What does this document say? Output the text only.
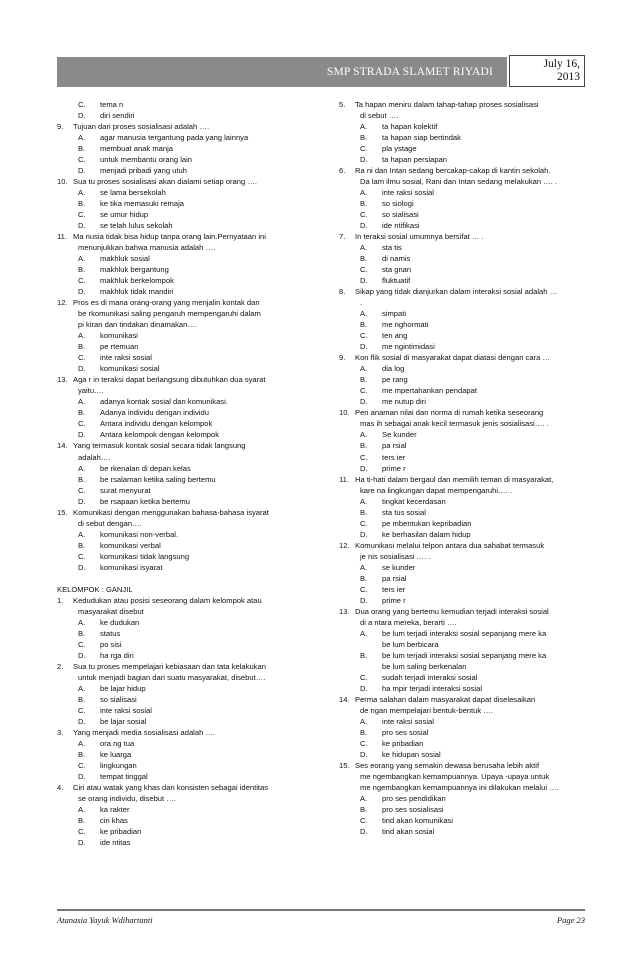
SMP STRADA SLAMET RIYADI
July 16,
2013
C. tema n
D. diri sendiri
9. Tujuan dari proses sosialisasi adalah ….
A. agar manusia tergantung pada yang lainnya
B. membuat anak manja
C. untuk membantu orang lain
D. menjadi pribadi yang utuh
10. Sua tu proses sosialisasi akan dialami setiap orang ….
A. se lama bersekolah
B. ke tika memasuki remaja
C. se umur hidup
D. se telah lulus sekolah
11. Ma nusia tidak bisa hidup tanpa orang lain.Pernyataan ini
menunjukkan bahwa manusia adalah ….
A. makhluk sosial
B. makhluk bergantung
C. makhluk berkelompok
D. makhluk tidak mandiri
12. Pros es di mana orang-orang yang menjalin kontak dan
be rkomunikasi saling pengaruh mempengaruhi dalam
pi kiran dan tindakan dinamakan….
A. komunikasi
B. pe rtemuan
C. inte raksi sosial
D. komunikasi sosial
13. Aga r in teraksi dapat berlangsung dibutuhkan dua syarat
yaitu….
A. adanya kontak sosial dan komunikasi.
B. Adanya individu dengan individu
C. Antara individu dengan kelompok
D. Antara kelompok dengan kelompok
14. Yang termasuk kontak sosial secara tidak langsung
adalah….
A. be rkenalan di depan kelas
B. be rsalaman ketika saling bertemu
C. surat menyurat
D. be rsapaan ketika bertemu
15. Komunikasi dengan menggunakan bahasa-bahasa isyarat
di sebut dengan….
A. komunikasi non-verbal.
B. komunikasi verbal
C. komunikasi tidak langsung
D. komunikasi isyarat
KELOMPOK : GANJIL
1. Kedudukan atau posisi seseorang dalam kelompok atau
masyarakat disebut
A. ke dudukan
B. status
C. po sisi
D. ha rga diri
2. Sua tu proses mempelajari kebiasaan dan tata kelakukan
untuk menjadi bagian dari suatu masyarakat, disebut….
A. be lajar hidup
B. so sialisasi
C. inte raksi sosial
D. be lajar sosial
3. Yang menjadi media sosialisasi adalah ….
A. ora ng tua
B. ke luarga
C. lingkungan
D. tempat tinggal
4. Ciri atau watak yang khas dan konsisten sebagai identitas
se orang individu, disebut ….
A. ka rakter
B. ciri khas
C. ke pribadian
D. ide ntitas
5. Ta hapan meniru dalam tahap-tahap proses sosialisasi
di sebut ….
A. ta hapan kolektif
B. ta hapan siap bertindak
C. pla ystage
D. ta hapan persiapan
6. Ra ni dan Intan sedang bercakap-cakap di kantin sekolah.
Da lam ilmu sosial, Rani dan Intan sedang melakukan …. .
A. inte raksi sosial
B. so siologi
C. so sialisasi
D. ide ntifikasi
7. In teraksi sosial umumnya bersifat … .
A. sta tis
B. di namis
C. sta gnan
D. fluktuatif
8. Sikap yang tidak dianjurkan dalam interaksi sosial adalah …
.
A. simpati
B. me nghormati
C. ten ang
D. me ngintimidasi
9. Kon flik sosial di masyarakat dapat diatasi dengan cara …
A. dia log
B. pe rang
C. me mpertahankan pendapat
D. me nutup diri
10. Pen anaman nilai dan norma di rumah ketika seseorang
mas ih sebagai anak kecil termasuk jenis sosialisasi…. .
A. Se kunder
B. pa rsial
C. ters ier
D. prime r
11. Ha ti-hati dalam bergaul dan memilih teman di masyarakat,
kare na lingkungan dapat mempengaruhi…. .
A. tingkat kecerdasan
B. sta tus sosial
C. pe mbentukan kepribadian
D. ke berhasilan dalam hidup
12. Komunikasi melalui telpon antara dua sahabat termasuk
je nis sosialisasi …. .
A. se kunder
B. pa rsial
C. ters ier
D. prime r
13. Dua orang yang bertemu kemudian terjadi interaksi sosial
di a ntara mereka, berarti ….
A. be lum terjadi interaksi sosial sepanjang mere ka
be lum berbicara
B. be lum terjadi interaksi sosial sepanjang mere ka
be lum saling berkenalan
C. sudah terjadi interaksi sosial
D. ha mpir terjadi interaksi sosial
14. Perma salahan dalam masyarakat dapat diselesaikan
de ngan mempelajari bentuk-bentuk ….
A. inte raksi sosial
B. pro ses sosial
C. ke pribadian
D. ke hidupan sosial
15. Ses eorang yang semakin dewasa berusaha lebih aktif
me ngembangkan kemampuannya. Upaya -upaya untuk
me ngembangkan kemampuannya ini dilakukan melalui ….
A. pro ses pendidikan
B. pro ses sosialisasi
C. tind akan komunikasi
D. tind akan sosial
Atanasia Yayuk Wdihartanti	Page 23
